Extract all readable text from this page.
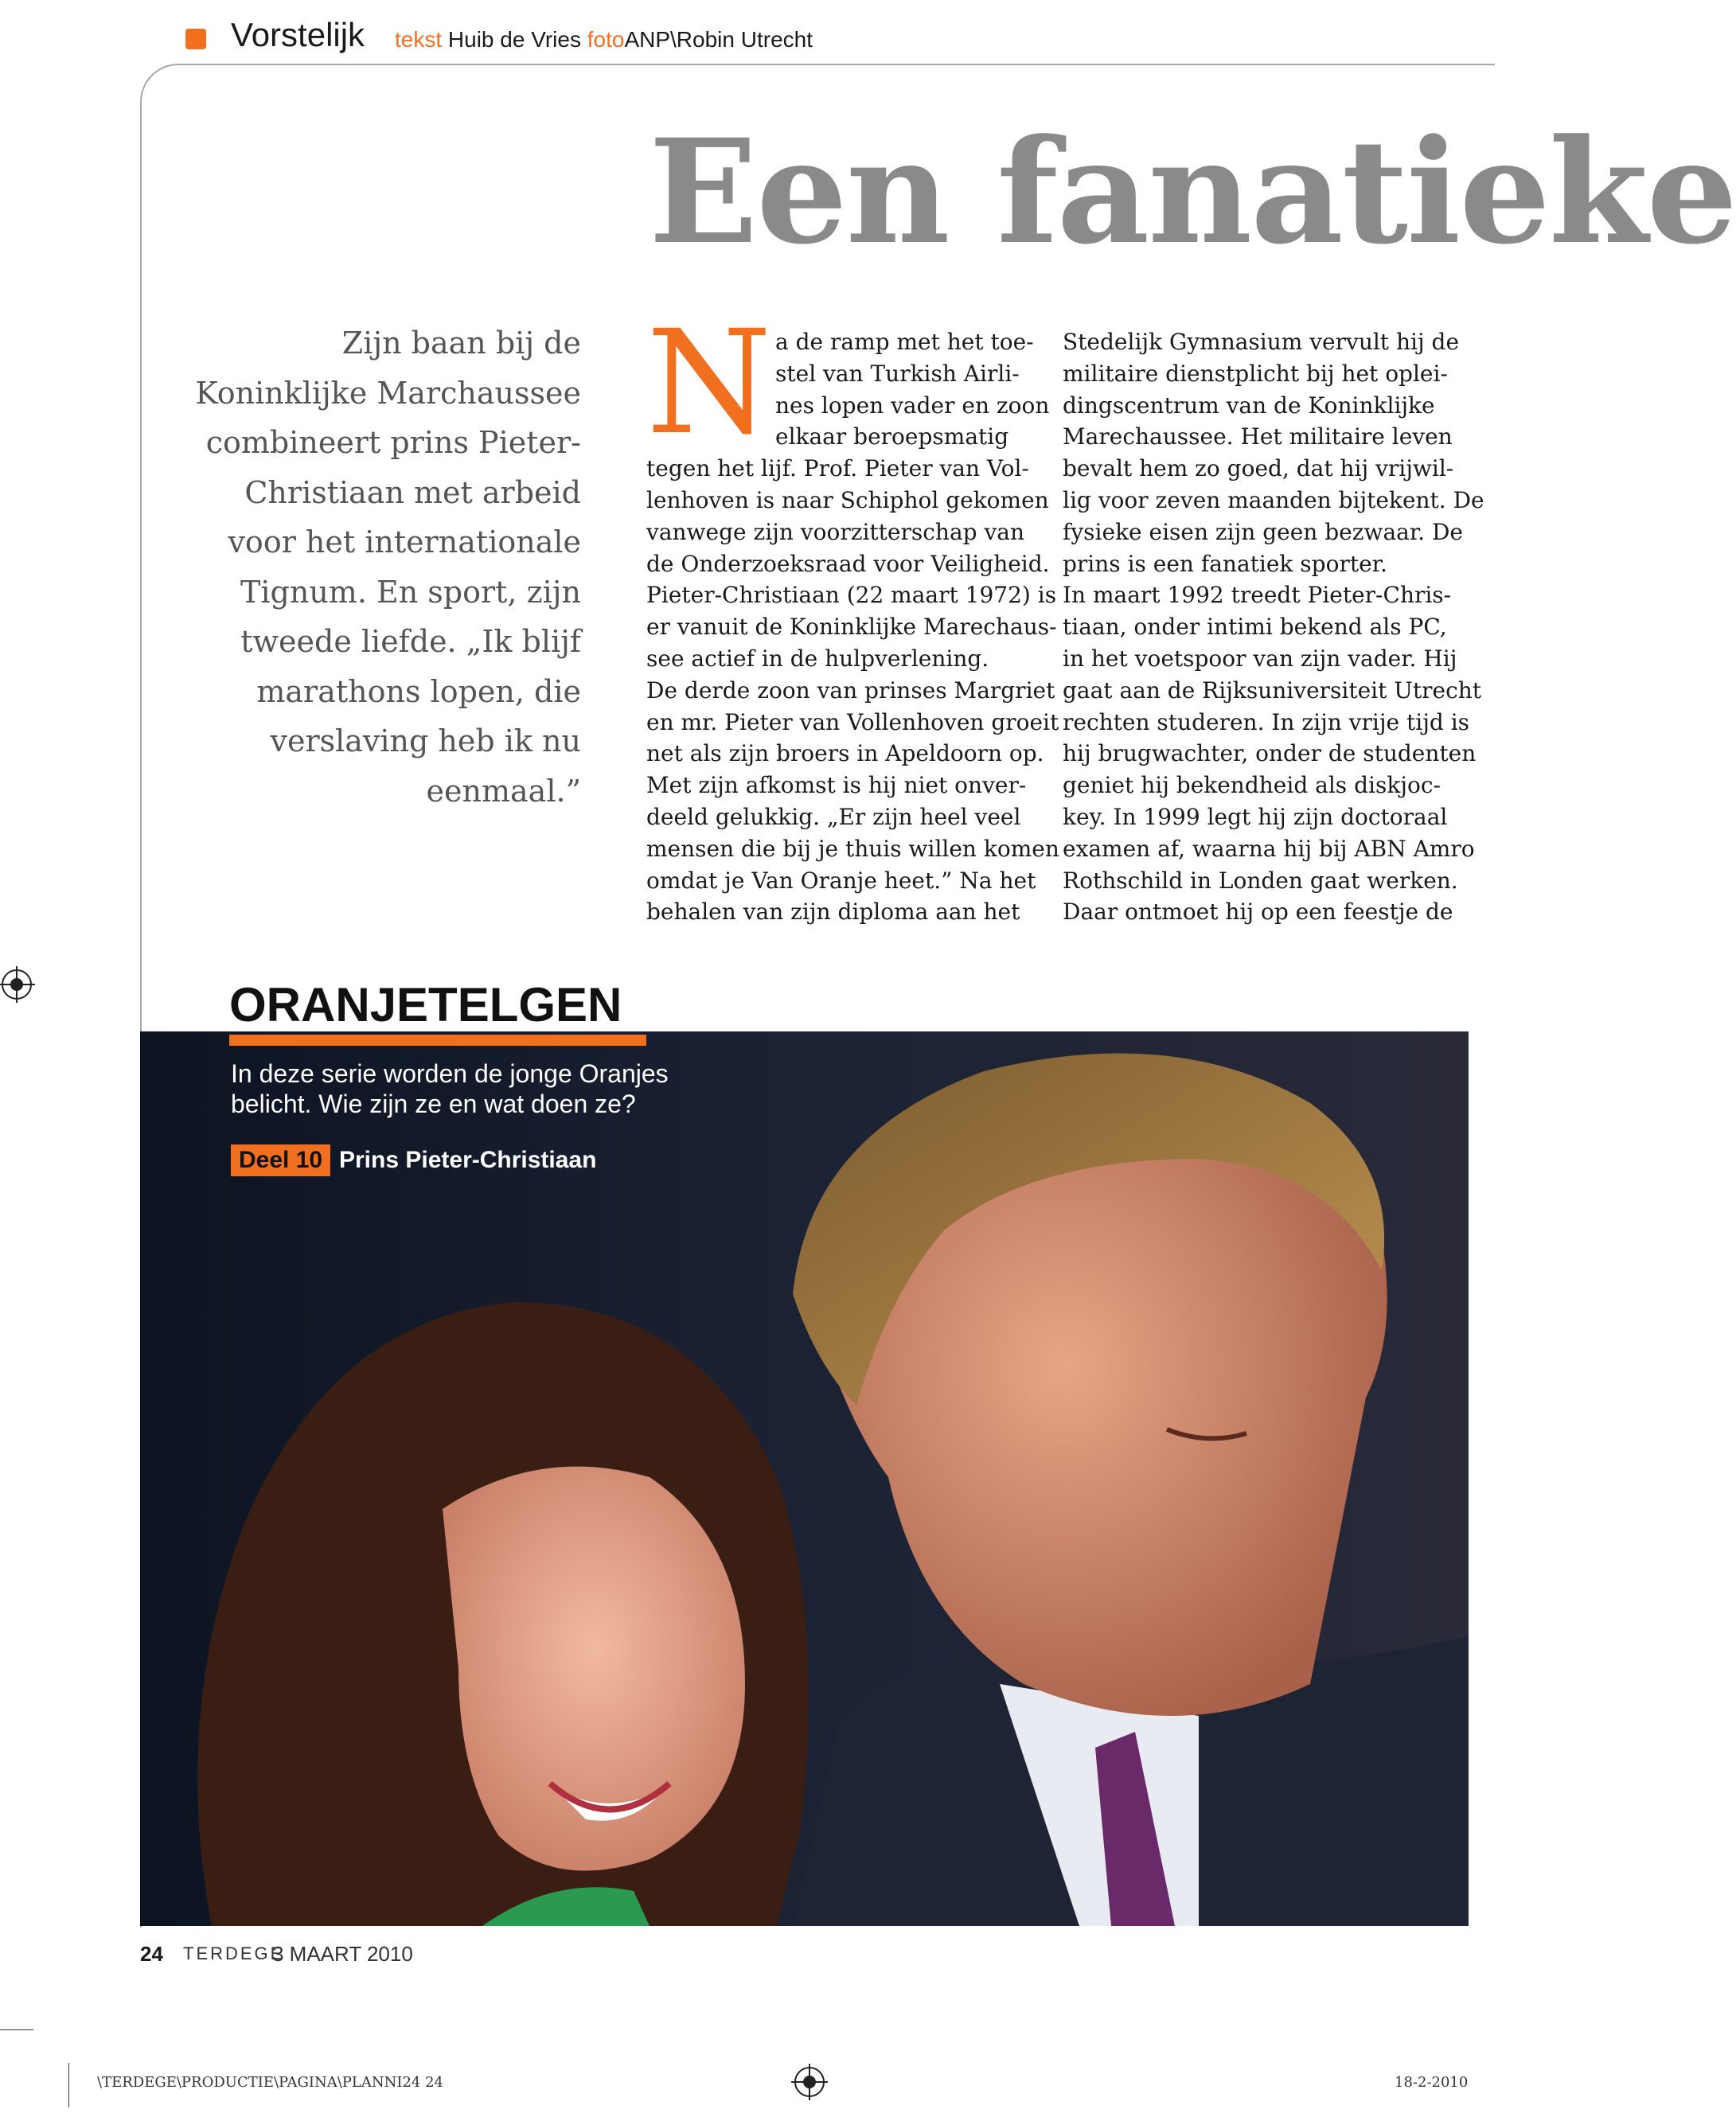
Vorstelijk tekst Huib de Vries fotoANP\Robin Utrecht
Een fanatieke
Zijn baan bij de
Koninklijke Marchaussee
combineert prins Pieter-
Christiaan met arbeid
voor het internationale
Tignum. En sport, zijn
tweede liefde. „Ik blijf
marathons lopen, die
verslaving heb ik nu
eenmaal.”
N a de ramp met het toe-
stel van Turkish Airli-
nes lopen vader en zoon
elkaar beroepsmatig
tegen het lijf. Prof. Pieter van Vol-
lenhoven is naar Schiphol gekomen
vanwege zijn voorzitterschap van
de Onderzoeksraad voor Veiligheid.
Pieter-Christiaan (22 maart 1972) is
er vanuit de Koninklijke Marechaus-
see actief in de hulpverlening.
De derde zoon van prinses Margriet
en mr. Pieter van Vollenhoven groeit
net als zijn broers in Apeldoorn op.
Met zijn afkomst is hij niet onver-
deeld gelukkig. „Er zijn heel veel
mensen die bij je thuis willen komen
omdat je Van Oranje heet.” Na het
behalen van zijn diploma aan het
Stedelijk Gymnasium vervult hij de
militaire dienstplicht bij het oplei-
dingscentrum van de Koninklijke
Marechaussee. Het militaire leven
bevalt hem zo goed, dat hij vrijwil-
lig voor zeven maanden bijtekent. De
fysieke eisen zijn geen bezwaar. De
prins is een fanatiek sporter.
In maart 1992 treedt Pieter-Chris-
tiaan, onder intimi bekend als PC,
in het voetspoor van zijn vader. Hij
gaat aan de Rijksuniversiteit Utrecht
rechten studeren. In zijn vrije tijd is
hij brugwachter, onder de studenten
geniet hij bekendheid als diskjoc-
key. In 1999 legt hij zijn doctoraal
examen af, waarna hij bij ABN Amro
Rothschild in Londen gaat werken.
Daar ontmoet hij op een feestje de
ORANJETELGEN
In deze serie worden de jonge Oranjes belicht. Wie zijn ze en wat doen ze?
Deel 10 Prins Pieter-Christiaan
24 TERDEGE
3 MAART 2010
\TERDEGE\PRODUCTIE\PAGINA\PLANNI24 24	18-2-2010
